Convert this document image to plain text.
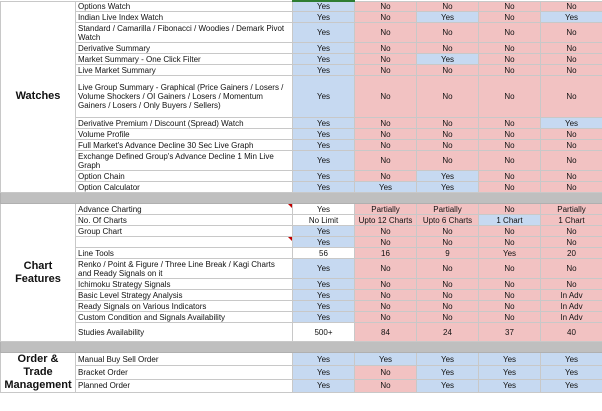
Watches	Options Watch	Yes	No	No	No	No
	Indian Live Index Watch	Yes	No	Yes	No	Yes
	Standard / Camarilla / Fibonacci / Woodies / Demark Pivot Watch	Yes	No	No	No	No
	Derivative Summary	Yes	No	No	No	No
	Market Summary - One Click Filter	Yes	No	Yes	No	No
	Live Market Summary	Yes	No	No	No	No
	Live Group Summary - Graphical (Price Gainers / Losers / Volume Shockers / OI Gainers / Losers / Momentum Gainers / Losers / Only Buyers / Sellers)	Yes	No	No	No	No
	Derivative Premium / Discount (Spread) Watch	Yes	No	No	No	Yes
	Volume Profile	Yes	No	No	No	No
	Full Market's Advance Decline 30 Sec Live Graph	Yes	No	No	No	No
	Exchange Defined Group's Advance Decline 1 Min Live Graph	Yes	No	No	No	No
	Option Chain	Yes	No	Yes	No	No
	Option Calculator	Yes	Yes	Yes	No	No

Chart Features	Advance Charting	Yes	Partially	Partially	No	Partially
	No. Of Charts	No Limit	Upto 12 Charts	Upto 6 Charts	1 Chart	1 Chart
	Group Chart	Yes	No	No	No	No
		Yes	No	No	No	No
	Line Tools	56	16	9	Yes	20
	Renko / Point & Figure / Three Line Break / Kagi Charts and Ready Signals on it	Yes	No	No	No	No
	Ichimoku Strategy Signals	Yes	No	No	No	No
	Basic Level Strategy Analysis	Yes	No	No	No	In Adv
	Ready Signals on Various Indicators	Yes	No	No	No	In Adv
	Custom Condition and Signals Availability	Yes	No	No	No	In Adv
	Studies Availability	500+	84	24	37	40

Order & Trade Management	Manual Buy Sell Order	Yes	Yes	Yes	Yes	Yes
	Bracket Order	Yes	No	Yes	Yes	Yes
	Planned Order	Yes	No	Yes	Yes	Yes
